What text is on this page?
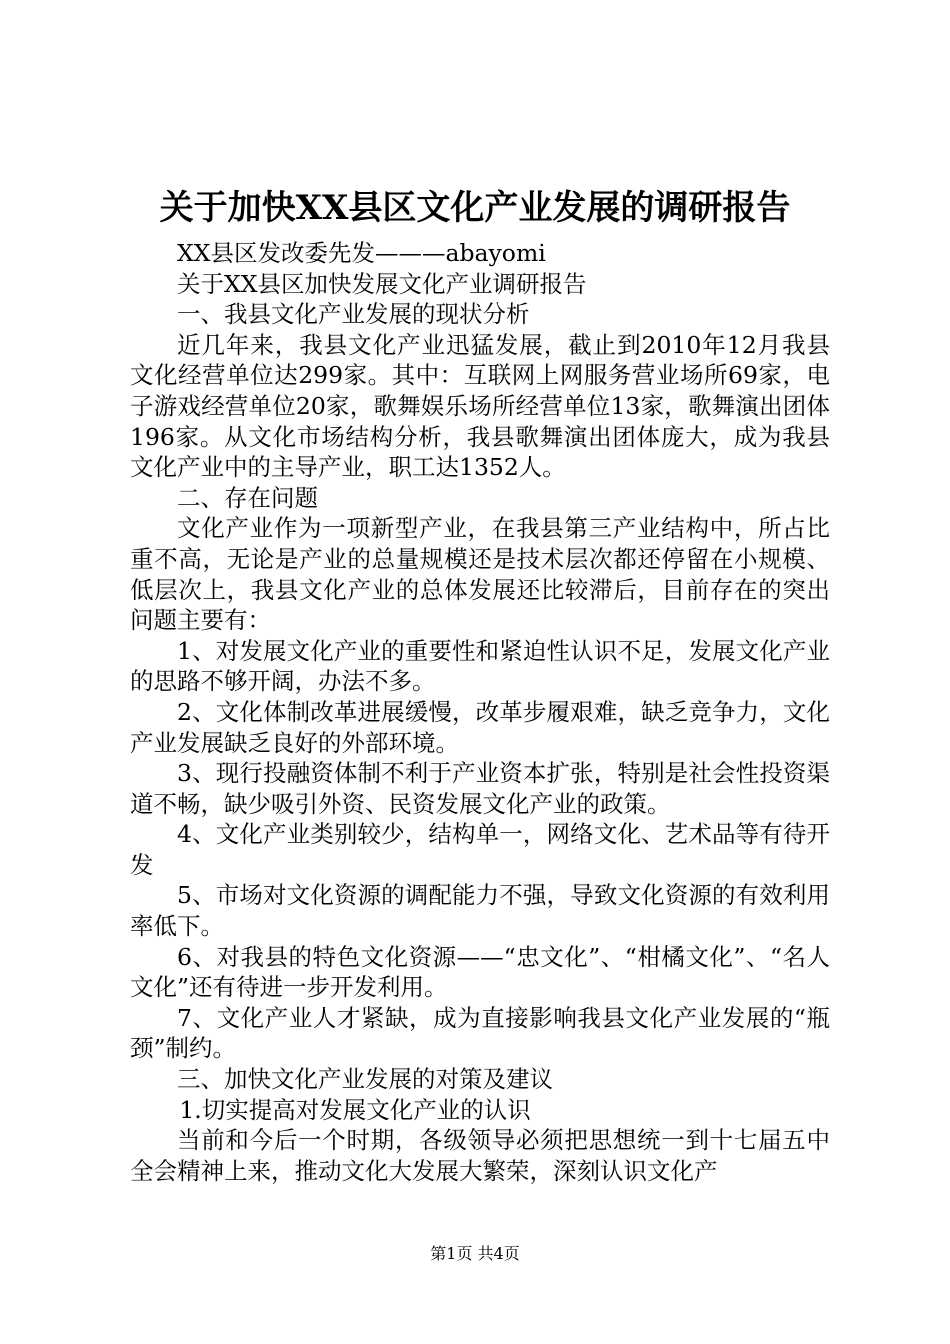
关于加快XX县区文化产业发展的调研报告

XX县区发改委先发———abayomi

关于XX县区加快发展文化产业调研报告

一、我县文化产业发展的现状分析

近几年来，我县文化产业迅猛发展，截止到2010年12月我县文化经营单位达299家。其中：互联网上网服务营业场所69家，电子游戏经营单位20家，歌舞娱乐场所经营单位13家，歌舞演出团体196家。从文化市场结构分析，我县歌舞演出团体庞大，成为我县文化产业中的主导产业，职工达1352人。

二、存在问题

文化产业作为一项新型产业，在我县第三产业结构中，所占比重不高，无论是产业的总量规模还是技术层次都还停留在小规模、低层次上，我县文化产业的总体发展还比较滞后，目前存在的突出问题主要有：

1、对发展文化产业的重要性和紧迫性认识不足，发展文化产业的思路不够开阔，办法不多。

2、文化体制改革进展缓慢，改革步履艰难，缺乏竞争力，文化产业发展缺乏良好的外部环境。

3、现行投融资体制不利于产业资本扩张，特别是社会性投资渠道不畅，缺少吸引外资、民资发展文化产业的政策。

4、文化产业类别较少，结构单一，网络文化、艺术品等有待开发

5、市场对文化资源的调配能力不强，导致文化资源的有效利用率低下。

6、对我县的特色文化资源——“忠文化”、“柑橘文化”、“名人文化”还有待进一步开发利用。

7、文化产业人才紧缺，成为直接影响我县文化产业发展的“瓶颈”制约。

三、加快文化产业发展的对策及建议

1.切实提高对发展文化产业的认识

当前和今后一个时期，各级领导必须把思想统一到十七届五中全会精神上来，推动文化大发展大繁荣，深刻认识文化产

第1页 共4页
